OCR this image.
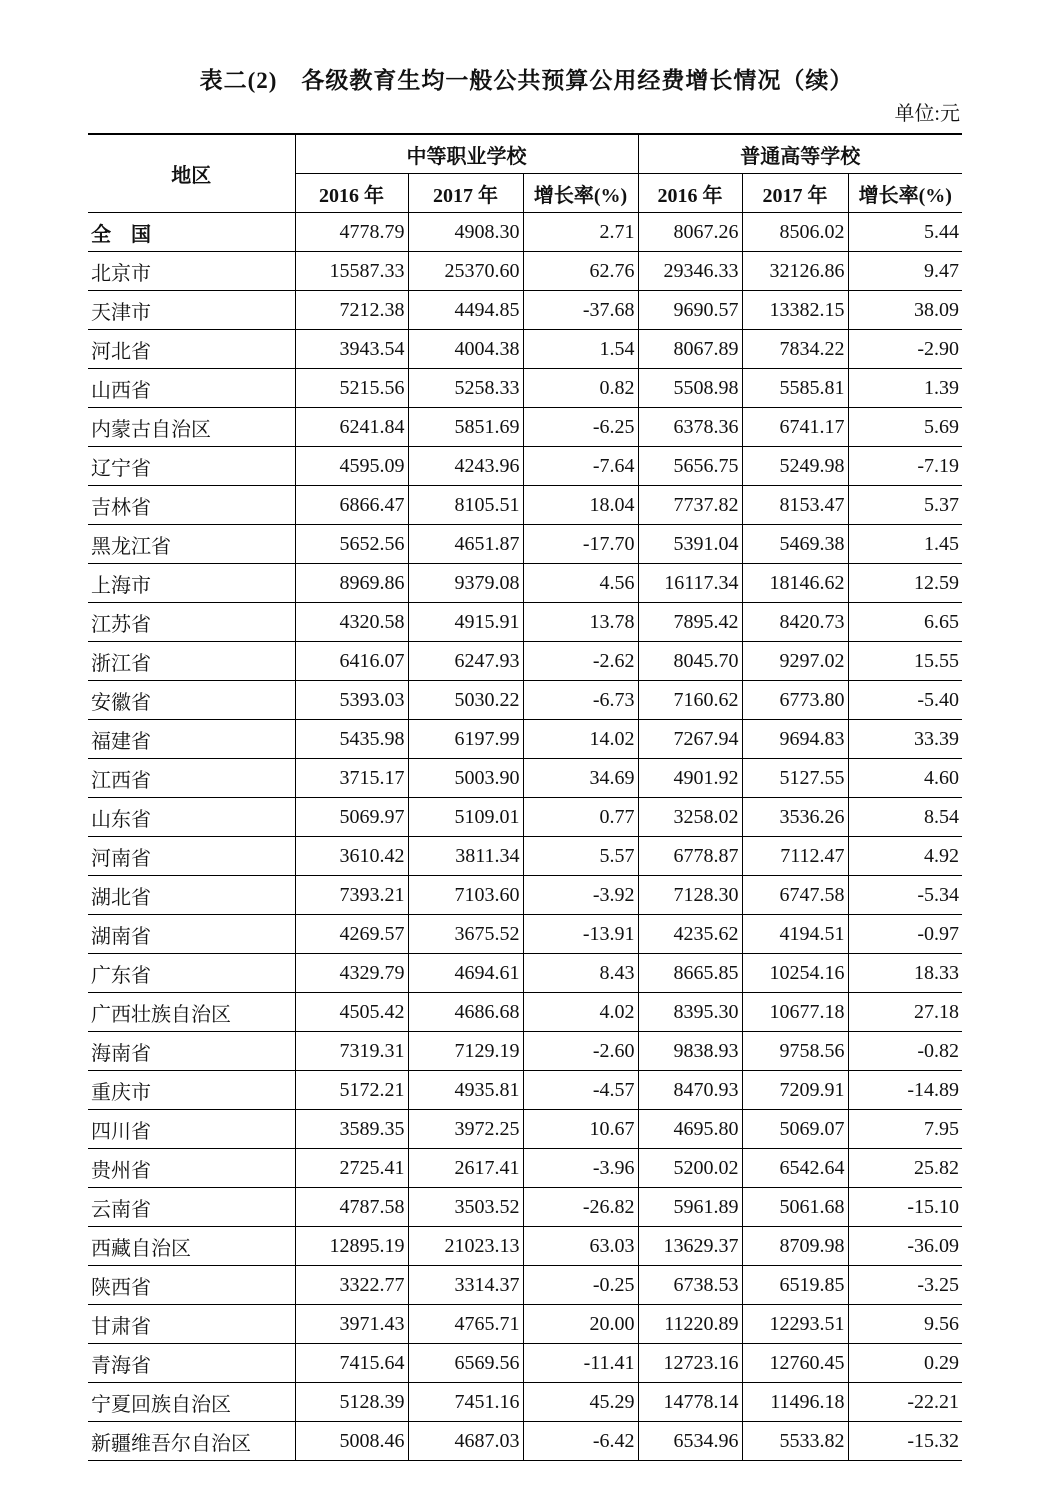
表二(2)　各级教育生均一般公共预算公用经费增长情况（续）
单位:元
地区	中等职业学校			普通高等学校		
	2016 年	2017 年	增长率(%)	2016 年	2017 年	增长率(%)
全　国	4778.79	4908.30	2.71	8067.26	8506.02	5.44
北京市	15587.33	25370.60	62.76	29346.33	32126.86	9.47
天津市	7212.38	4494.85	-37.68	9690.57	13382.15	38.09
河北省	3943.54	4004.38	1.54	8067.89	7834.22	-2.90
山西省	5215.56	5258.33	0.82	5508.98	5585.81	1.39
内蒙古自治区	6241.84	5851.69	-6.25	6378.36	6741.17	5.69
辽宁省	4595.09	4243.96	-7.64	5656.75	5249.98	-7.19
吉林省	6866.47	8105.51	18.04	7737.82	8153.47	5.37
黑龙江省	5652.56	4651.87	-17.70	5391.04	5469.38	1.45
上海市	8969.86	9379.08	4.56	16117.34	18146.62	12.59
江苏省	4320.58	4915.91	13.78	7895.42	8420.73	6.65
浙江省	6416.07	6247.93	-2.62	8045.70	9297.02	15.55
安徽省	5393.03	5030.22	-6.73	7160.62	6773.80	-5.40
福建省	5435.98	6197.99	14.02	7267.94	9694.83	33.39
江西省	3715.17	5003.90	34.69	4901.92	5127.55	4.60
山东省	5069.97	5109.01	0.77	3258.02	3536.26	8.54
河南省	3610.42	3811.34	5.57	6778.87	7112.47	4.92
湖北省	7393.21	7103.60	-3.92	7128.30	6747.58	-5.34
湖南省	4269.57	3675.52	-13.91	4235.62	4194.51	-0.97
广东省	4329.79	4694.61	8.43	8665.85	10254.16	18.33
广西壮族自治区	4505.42	4686.68	4.02	8395.30	10677.18	27.18
海南省	7319.31	7129.19	-2.60	9838.93	9758.56	-0.82
重庆市	5172.21	4935.81	-4.57	8470.93	7209.91	-14.89
四川省	3589.35	3972.25	10.67	4695.80	5069.07	7.95
贵州省	2725.41	2617.41	-3.96	5200.02	6542.64	25.82
云南省	4787.58	3503.52	-26.82	5961.89	5061.68	-15.10
西藏自治区	12895.19	21023.13	63.03	13629.37	8709.98	-36.09
陕西省	3322.77	3314.37	-0.25	6738.53	6519.85	-3.25
甘肃省	3971.43	4765.71	20.00	11220.89	12293.51	9.56
青海省	7415.64	6569.56	-11.41	12723.16	12760.45	0.29
宁夏回族自治区	5128.39	7451.16	45.29	14778.14	11496.18	-22.21
新疆维吾尔自治区	5008.46	4687.03	-6.42	6534.96	5533.82	-15.32
